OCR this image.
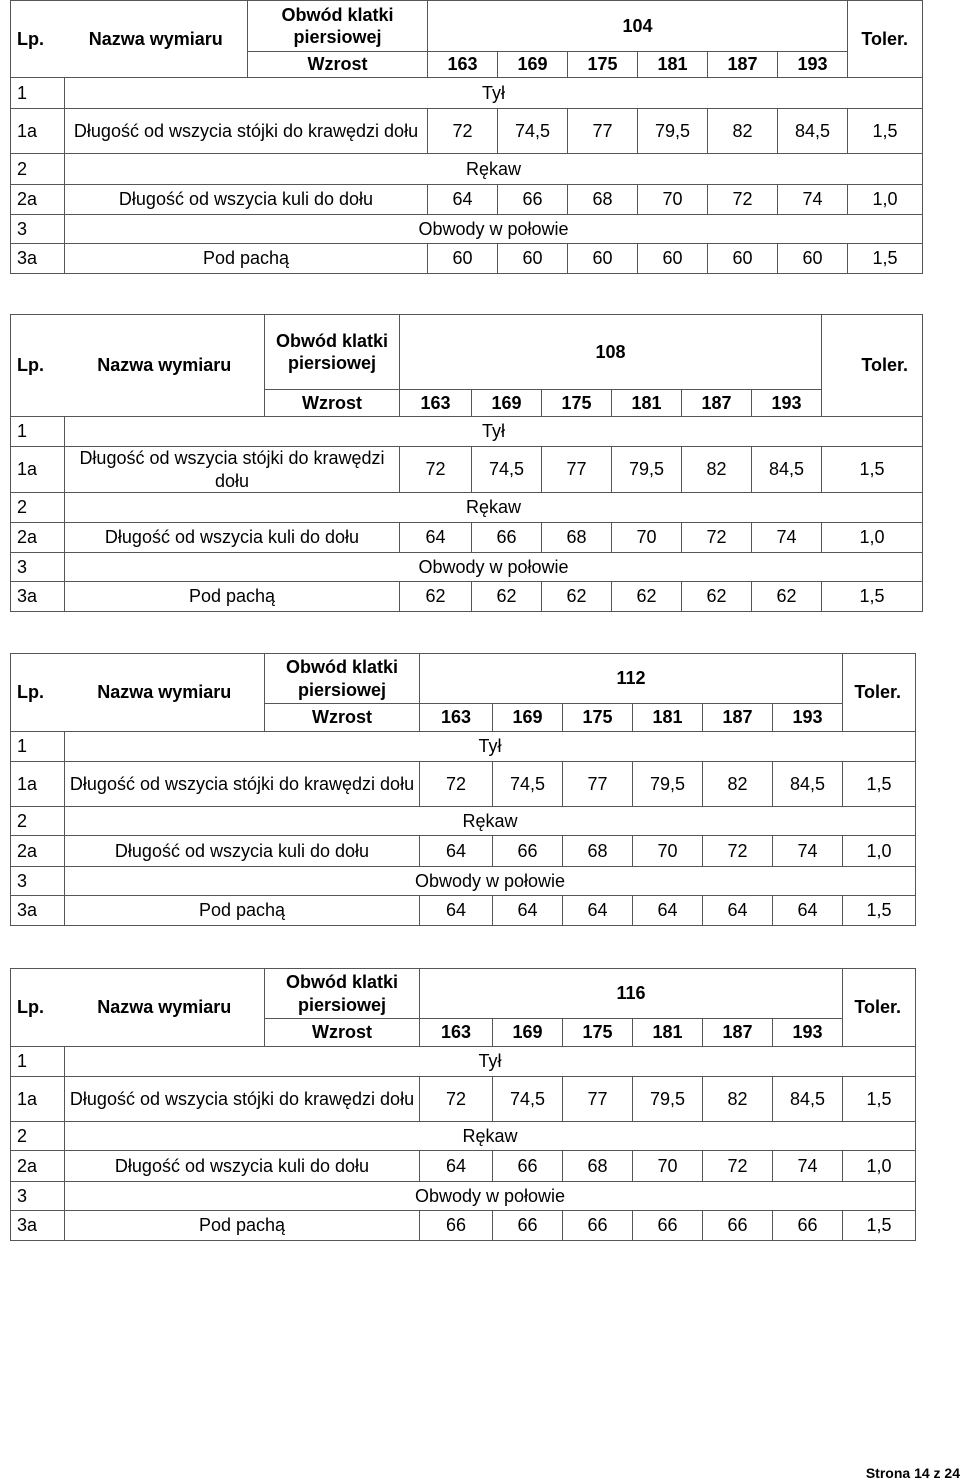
Lp.	Nazwa wymiaru	Obwód klatki piersiowej	104						Toler.
		Wzrost	163	169	175	181	187	193	
1	Tył								
1a	Długość od wszycia stójki do krawędzi dołu		72	74,5	77	79,5	82	84,5	1,5
2	Rękaw								
2a	Długość od wszycia kuli do dołu		64	66	68	70	72	74	1,0
3	Obwody w połowie								
3a	Pod pachą		60	60	60	60	60	60	1,5
Lp.	Nazwa wymiaru	Obwód klatki piersiowej	108						Toler.
		Wzrost	163	169	175	181	187	193	
1	Tył								
1a	Długość od wszycia stójki do krawędzi dołu		72	74,5	77	79,5	82	84,5	1,5
2	Rękaw								
2a	Długość od wszycia kuli do dołu		64	66	68	70	72	74	1,0
3	Obwody w połowie								
3a	Pod pachą		62	62	62	62	62	62	1,5
Lp.	Nazwa wymiaru	Obwód klatki piersiowej	112						Toler.
		Wzrost	163	169	175	181	187	193	
1	Tył								
1a	Długość od wszycia stójki do krawędzi dołu		72	74,5	77	79,5	82	84,5	1,5
2	Rękaw								
2a	Długość od wszycia kuli do dołu		64	66	68	70	72	74	1,0
3	Obwody w połowie								
3a	Pod pachą		64	64	64	64	64	64	1,5
Lp.	Nazwa wymiaru	Obwód klatki piersiowej	116						Toler.
		Wzrost	163	169	175	181	187	193	
1	Tył								
1a	Długość od wszycia stójki do krawędzi dołu		72	74,5	77	79,5	82	84,5	1,5
2	Rękaw								
2a	Długość od wszycia kuli do dołu		64	66	68	70	72	74	1,0
3	Obwody w połowie								
3a	Pod pachą		66	66	66	66	66	66	1,5
Strona 14 z 24
